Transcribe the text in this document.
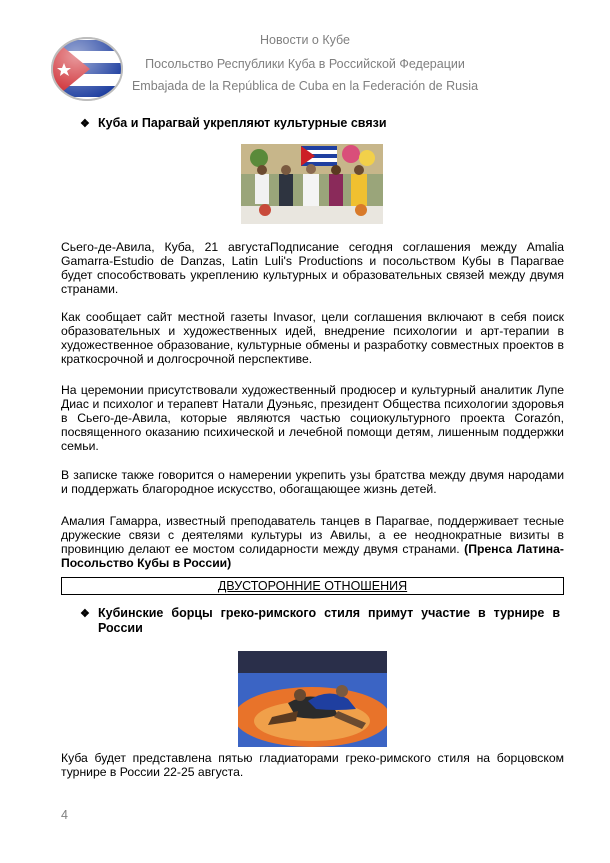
Новости о Кубе
Посольство Республики Куба в Российской Федерации
Embajada de la República de Cuba en la Federación de Rusia
❖ Куба и Парагвай укрепляют культурные связи
Сьего-де-Авила, Куба, 21 августаПодписание сегодня соглашения между Amalia Gamarra-Estudio de Danzas, Latin Luli's Productions и посольством Кубы в Парагвае будет способствовать укреплению культурных и образовательных связей между двумя странами.
Как сообщает сайт местной газеты Invasor, цели соглашения включают в себя поиск образовательных и художественных идей, внедрение психологии и арт-терапии в художественное образование, культурные обмены и разработку совместных проектов в краткосрочной и долгосрочной перспективе.
На церемонии присутствовали художественный продюсер и культурный аналитик Лупе Диас и психолог и терапевт Натали Дуэньяс, президент Общества психологии здоровья в Сьего-де-Авила, которые являются частью социокультурного проекта Corazón, посвященного оказанию психической и лечебной помощи детям, лишенным поддержки семьи.
В записке также говорится о намерении укрепить узы братства между двумя народами и поддержать благородное искусство, обогащающее жизнь детей.
Амалия Гамарра, известный преподаватель танцев в Парагвае, поддерживает тесные дружеские связи с деятелями культуры из Авилы, а ее неоднократные визиты в провинцию делают ее мостом солидарности между двумя странами. (Пренса Латина-Посольство Кубы в России)
ДВУСТОРОННИЕ ОТНОШЕНИЯ
❖ Кубинские борцы греко-римского стиля примут участие в турнире в России
Куба будет представлена пятью гладиаторами греко-римского стиля на борцовском турнире в России 22-25 августа.
4
